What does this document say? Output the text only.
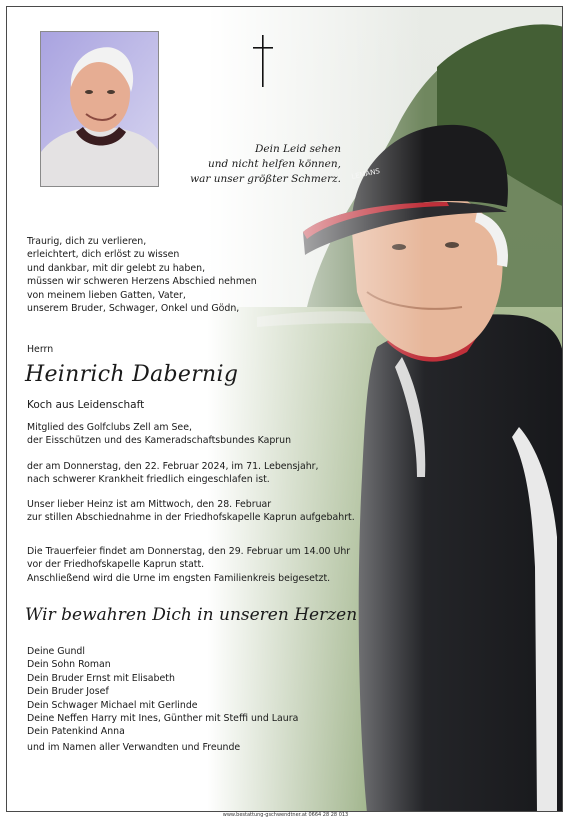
Dein Leid sehen
und nicht helfen können,
war unser größter Schmerz.
Traurig, dich zu verlieren,
erleichtert, dich erlöst zu wissen
und dankbar, mit dir gelebt zu haben,
müssen wir schweren Herzens Abschied nehmen
von meinem lieben Gatten, Vater,
unserem Bruder, Schwager, Onkel und Gödn,
Herrn
Heinrich Dabernig
Koch aus Leidenschaft
Mitglied des Golfclubs Zell am See,
der Eisschützen und des Kameradschaftsbundes Kaprun
der am Donnerstag, den 22. Februar 2024, im 71. Lebensjahr,
nach schwerer Krankheit friedlich eingeschlafen ist.
Unser lieber Heinz ist am Mittwoch, den 28. Februar
zur stillen Abschiednahme in der Friedhofskapelle Kaprun aufgebahrt.
Die Trauerfeier findet am Donnerstag, den 29. Februar um 14.00 Uhr
vor der Friedhofskapelle Kaprun statt.
Anschließend wird die Urne im engsten Familienkreis beigesetzt.
Wir bewahren Dich in unseren Herzen
Deine Gundl
Dein Sohn Roman
Dein Bruder Ernst mit Elisabeth
Dein Bruder Josef
Dein Schwager Michael mit Gerlinde
Deine Neffen Harry mit Ines, Günther mit Steffi und Laura
Dein Patenkind Anna
und im Namen aller Verwandten und Freunde
www.bestattung-gschwendtner.at 0664 28 28 013
